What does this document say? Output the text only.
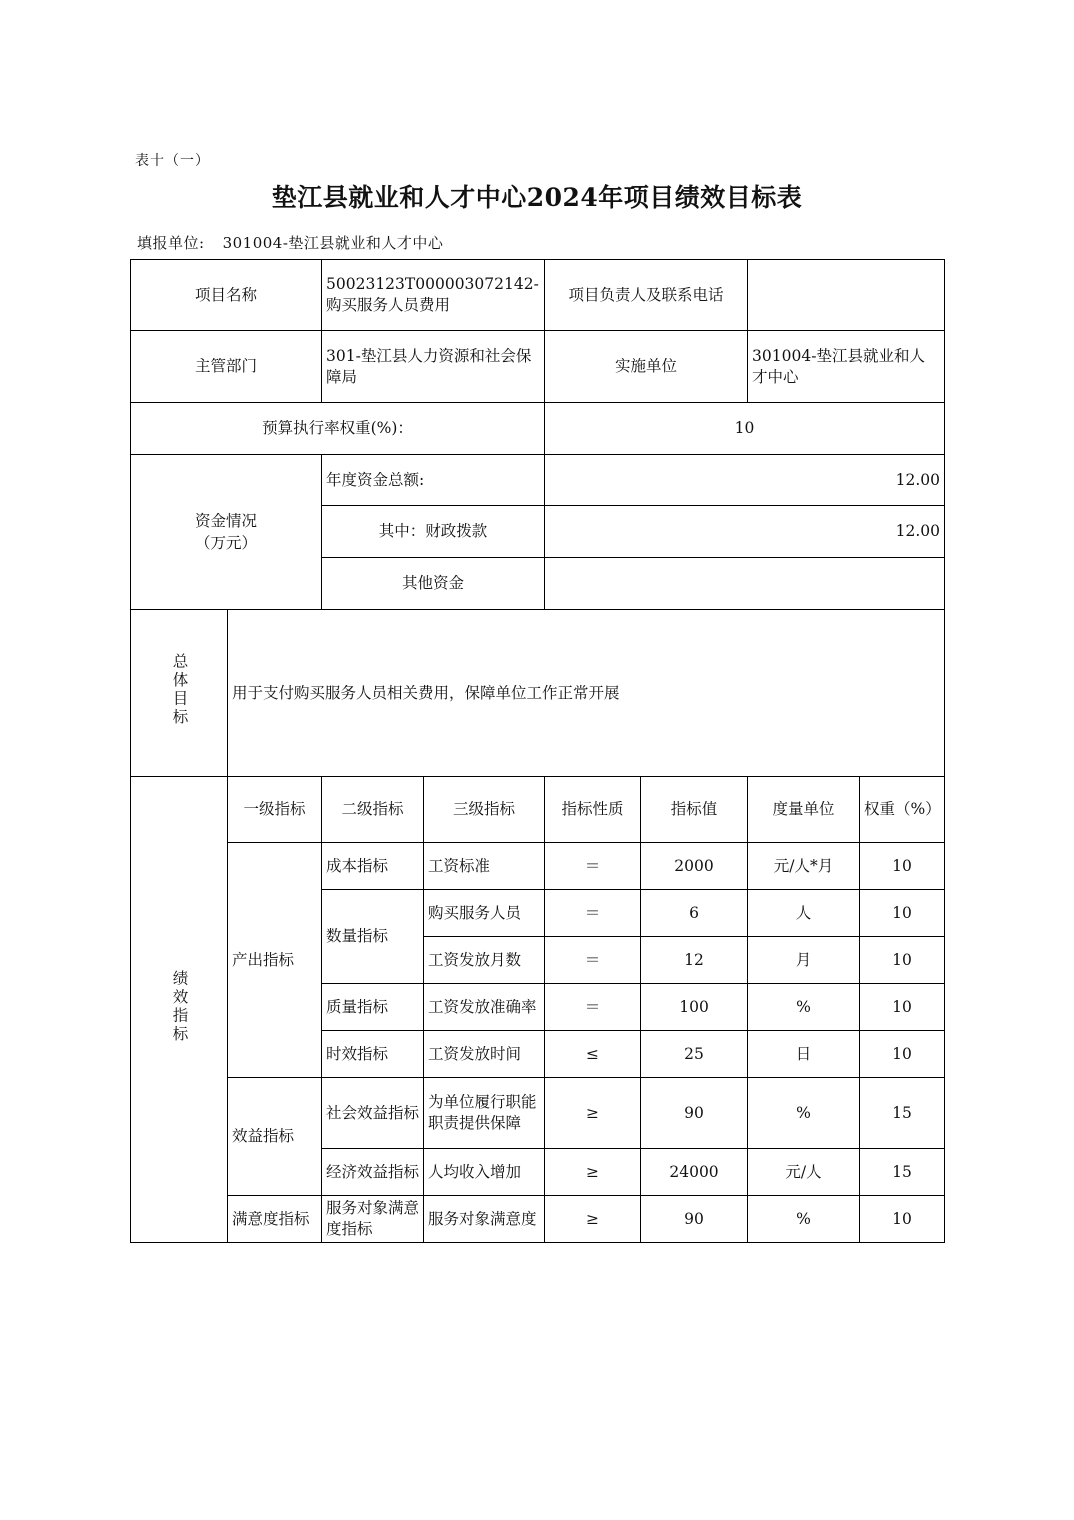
表十（一）
垫江县就业和人才中心2024年项目绩效目标表
填报单位: 301004-垫江县就业和人才中心
项目名称		50023123T000003072142-购买服务人员费用		项目负责人及联系电话			
主管部门		301-垫江县人力资源和社会保障局		实施单位		301004-垫江县就业和人才中心	
预算执行率权重(%)：				10			

资金情况（万元）		年度资金总额:		12.00			
		其中：财政拨款		12.00			
		其他资金					
总体目标	用于支付购买服务人员相关费用，保障单位工作正常开展						
绩效指标	一级指标	二级指标	三级指标	指标性质	指标值	度量单位	权重（%）
	产出指标	成本指标	工资标准	＝	2000	元/人*月	10
		数量指标	购买服务人员	＝	6	人	10
			工资发放月数	＝	12	月	10
		质量指标	工资发放准确率	＝	100	%	10
		时效指标	工资发放时间	≤	25	日	10
	效益指标	社会效益指标	为单位履行职能职责提供保障	≥	90	%	15
		经济效益指标	人均收入增加	≥	24000	元/人	15
	满意度指标	服务对象满意度指标	服务对象满意度	≥	90	%	10
